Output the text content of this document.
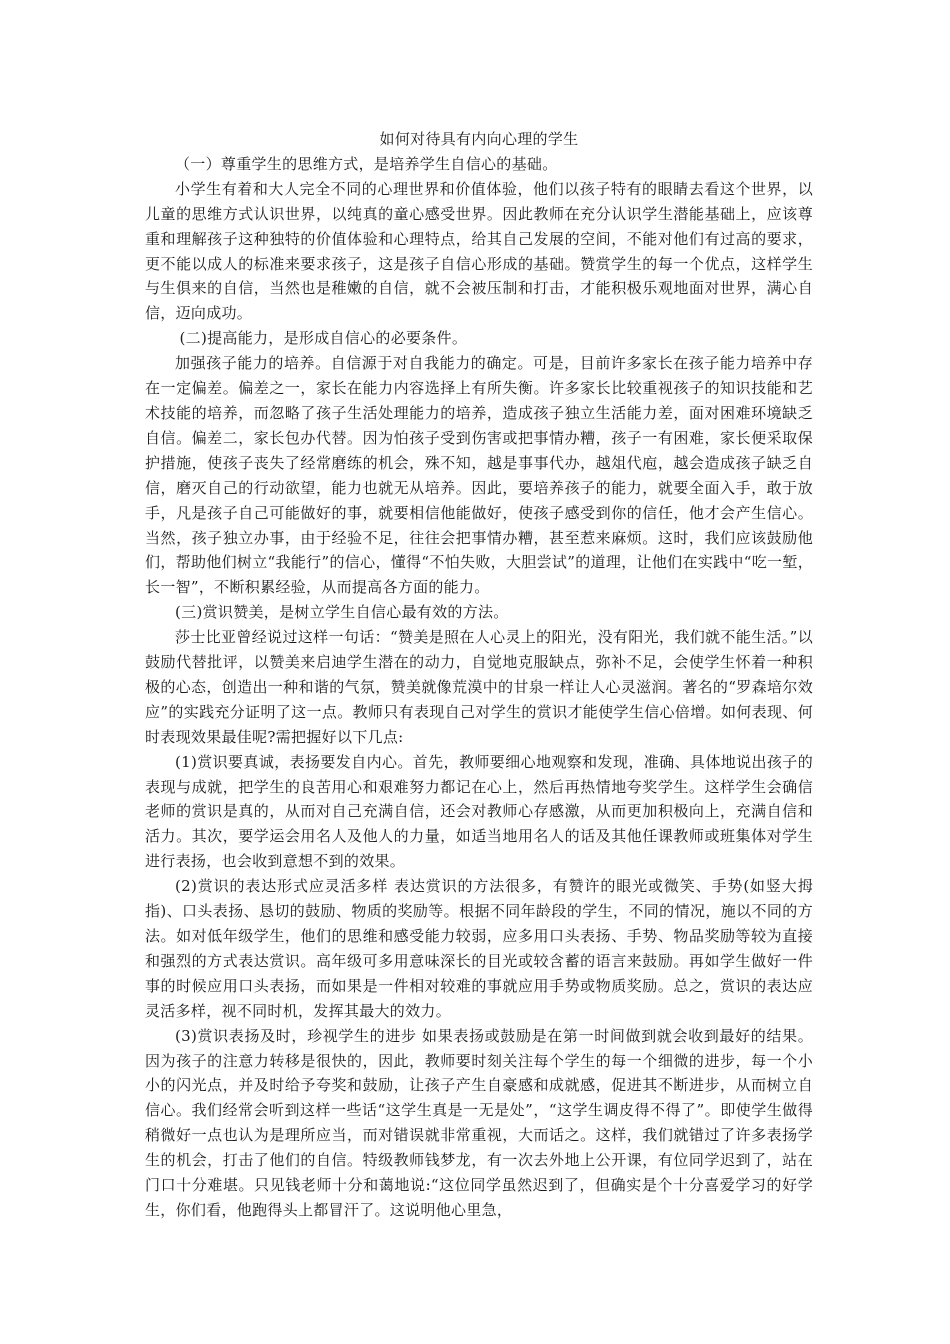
如何对待具有内向心理的学生

（一）尊重学生的思维方式，是培养学生自信心的基础。

小学生有着和大人完全不同的心理世界和价值体验，他们以孩子特有的眼睛去看这个世界，以儿童的思维方式认识世界，以纯真的童心感受世界。因此教师在充分认识学生潜能基础上，应该尊重和理解孩子这种独特的价值体验和心理特点，给其自己发展的空间，不能对他们有过高的要求，更不能以成人的标准来要求孩子，这是孩子自信心形成的基础。赞赏学生的每一个优点，这样学生与生俱来的自信，当然也是稚嫩的自信，就不会被压制和打击，才能积极乐观地面对世界，满心自信，迈向成功。

(二)提高能力，是形成自信心的必要条件。

加强孩子能力的培养。自信源于对自我能力的确定。可是，目前许多家长在孩子能力培养中存在一定偏差。偏差之一，家长在能力内容选择上有所失衡。许多家长比较重视孩子的知识技能和艺术技能的培养，而忽略了孩子生活处理能力的培养，造成孩子独立生活能力差，面对困难环境缺乏自信。偏差二，家长包办代替。因为怕孩子受到伤害或把事情办糟，孩子一有困难，家长便采取保护措施，使孩子丧失了经常磨练的机会，殊不知，越是事事代办，越俎代庖，越会造成孩子缺乏自信，磨灭自己的行动欲望，能力也就无从培养。因此，要培养孩子的能力，就要全面入手，敢于放手，凡是孩子自己可能做好的事，就要相信他能做好，使孩子感受到你的信任，他才会产生信心。当然，孩子独立办事，由于经验不足，往往会把事情办糟，甚至惹来麻烦。这时，我们应该鼓励他们，帮助他们树立“我能行”的信心，懂得“不怕失败，大胆尝试”的道理，让他们在实践中“吃一堑，长一智”，不断积累经验，从而提高各方面的能力。

(三)赏识赞美，是树立学生自信心最有效的方法。

莎士比亚曾经说过这样一句话：“赞美是照在人心灵上的阳光，没有阳光，我们就不能生活。”以鼓励代替批评，以赞美来启迪学生潜在的动力，自觉地克服缺点，弥补不足，会使学生怀着一种积极的心态，创造出一种和谐的气氛，赞美就像荒漠中的甘泉一样让人心灵滋润。著名的“罗森培尔效应”的实践充分证明了这一点。教师只有表现自己对学生的赏识才能使学生信心倍增。如何表现、何时表现效果最佳呢?需把握好以下几点:

(1)赏识要真诚，表扬要发自内心。首先，教师要细心地观察和发现，准确、具体地说出孩子的表现与成就，把学生的良苦用心和艰难努力都记在心上，然后再热情地夸奖学生。这样学生会确信老师的赏识是真的，从而对自己充满自信，还会对教师心存感激，从而更加积极向上，充满自信和活力。其次，要学运会用名人及他人的力量，如适当地用名人的话及其他任课教师或班集体对学生进行表扬，也会收到意想不到的效果。

(2)赏识的表达形式应灵活多样 表达赏识的方法很多，有赞许的眼光或微笑、手势(如竖大拇指)、口头表扬、恳切的鼓励、物质的奖励等。根据不同年龄段的学生，不同的情况，施以不同的方法。如对低年级学生，他们的思维和感受能力较弱，应多用口头表扬、手势、物品奖励等较为直接和强烈的方式表达赏识。高年级可多用意味深长的目光或较含蓄的语言来鼓励。再如学生做好一件事的时候应用口头表扬，而如果是一件相对较难的事就应用手势或物质奖励。总之，赏识的表达应灵活多样，视不同时机，发挥其最大的效力。

(3)赏识表扬及时，珍视学生的进步 如果表扬或鼓励是在第一时间做到就会收到最好的结果。因为孩子的注意力转移是很快的，因此，教师要时刻关注每个学生的每一个细微的进步，每一个小小的闪光点，并及时给予夸奖和鼓励，让孩子产生自豪感和成就感，促进其不断进步，从而树立自信心。我们经常会听到这样一些话“这学生真是一无是处”，“这学生调皮得不得了”。即使学生做得稍微好一点也认为是理所应当，而对错误就非常重视，大而话之。这样，我们就错过了许多表扬学生的机会，打击了他们的自信。特级教师钱梦龙，有一次去外地上公开课，有位同学迟到了，站在门口十分难堪。只见钱老师十分和蔼地说:“这位同学虽然迟到了，但确实是个十分喜爱学习的好学生，你们看，他跑得头上都冒汗了。这说明他心里急，
